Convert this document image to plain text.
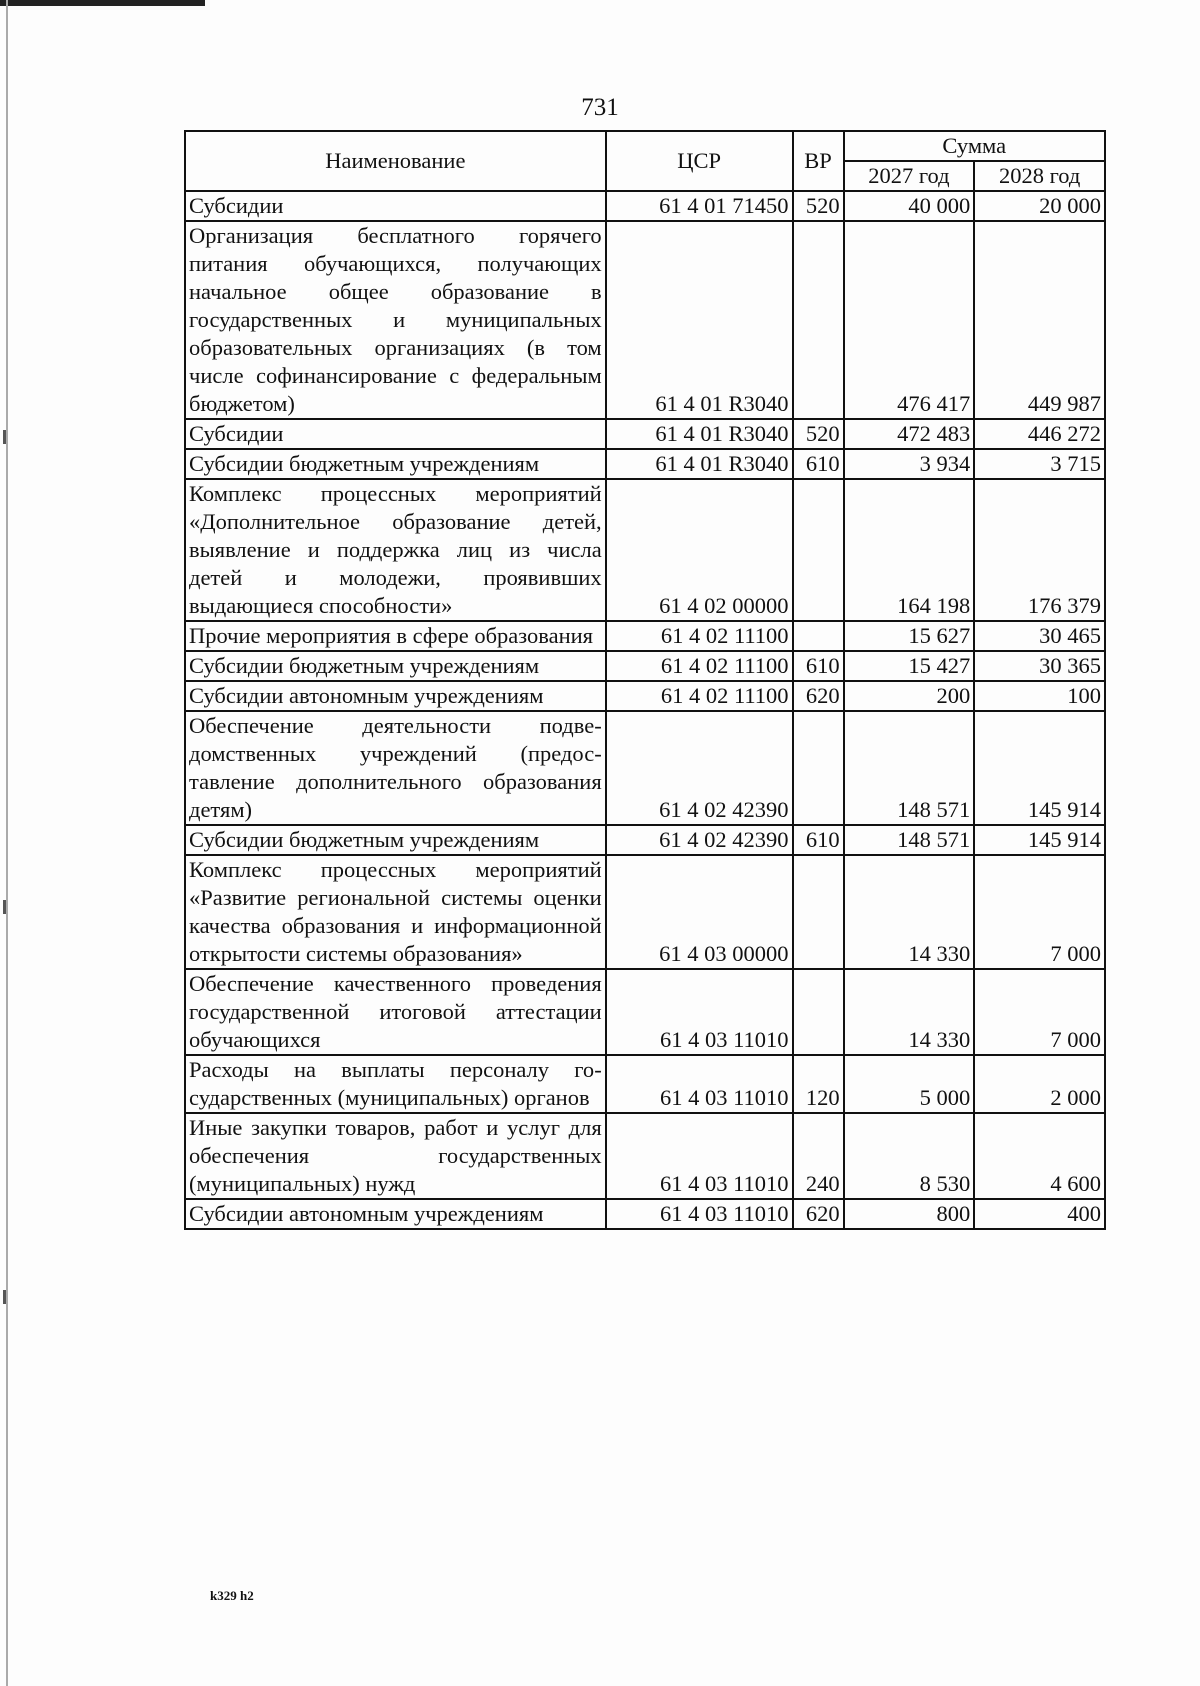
731
Наименование	ЦСР	ВР	Сумма	
			2027 год	2028 год
Субсидии	61 4 01 71450	520	40 000	20 000
Организация бесплатного горячего питания обучающихся, получающих начальное общее образование в государственных и муниципальных образовательных организациях (в том числе софинансирование с федеральным бюджетом)	61 4 01 R3040		476 417	449 987
Субсидии	61 4 01 R3040	520	472 483	446 272
Субсидии бюджетным учреждениям	61 4 01 R3040	610	3 934	3 715
Комплекс процессных мероприятий «Дополнительное образование детей, выявление и поддержка лиц из числа детей и молодежи, проявивших выдающиеся способности»	61 4 02 00000		164 198	176 379
Прочие мероприятия в сфере образования	61 4 02 11100		15 627	30 465
Субсидии бюджетным учреждениям	61 4 02 11100	610	15 427	30 365
Субсидии автономным учреждениям	61 4 02 11100	620	200	100
Обеспечение деятельности подведомственных учреждений (предоставление дополнительного образования детям)	61 4 02 42390		148 571	145 914
Субсидии бюджетным учреждениям	61 4 02 42390	610	148 571	145 914
Комплекс процессных мероприятий «Развитие региональной системы оценки качества образования и информационной открытости системы образования»	61 4 03 00000		14 330	7 000
Обеспечение качественного проведения государственной итоговой аттестации обучающихся	61 4 03 11010		14 330	7 000
Расходы на выплаты персоналу государственных (муниципальных) органов	61 4 03 11010	120	5 000	2 000
Иные закупки товаров, работ и услуг для обеспечения государственных (муниципальных) нужд	61 4 03 11010	240	8 530	4 600
Субсидии автономным учреждениям	61 4 03 11010	620	800	400
k329 h2
